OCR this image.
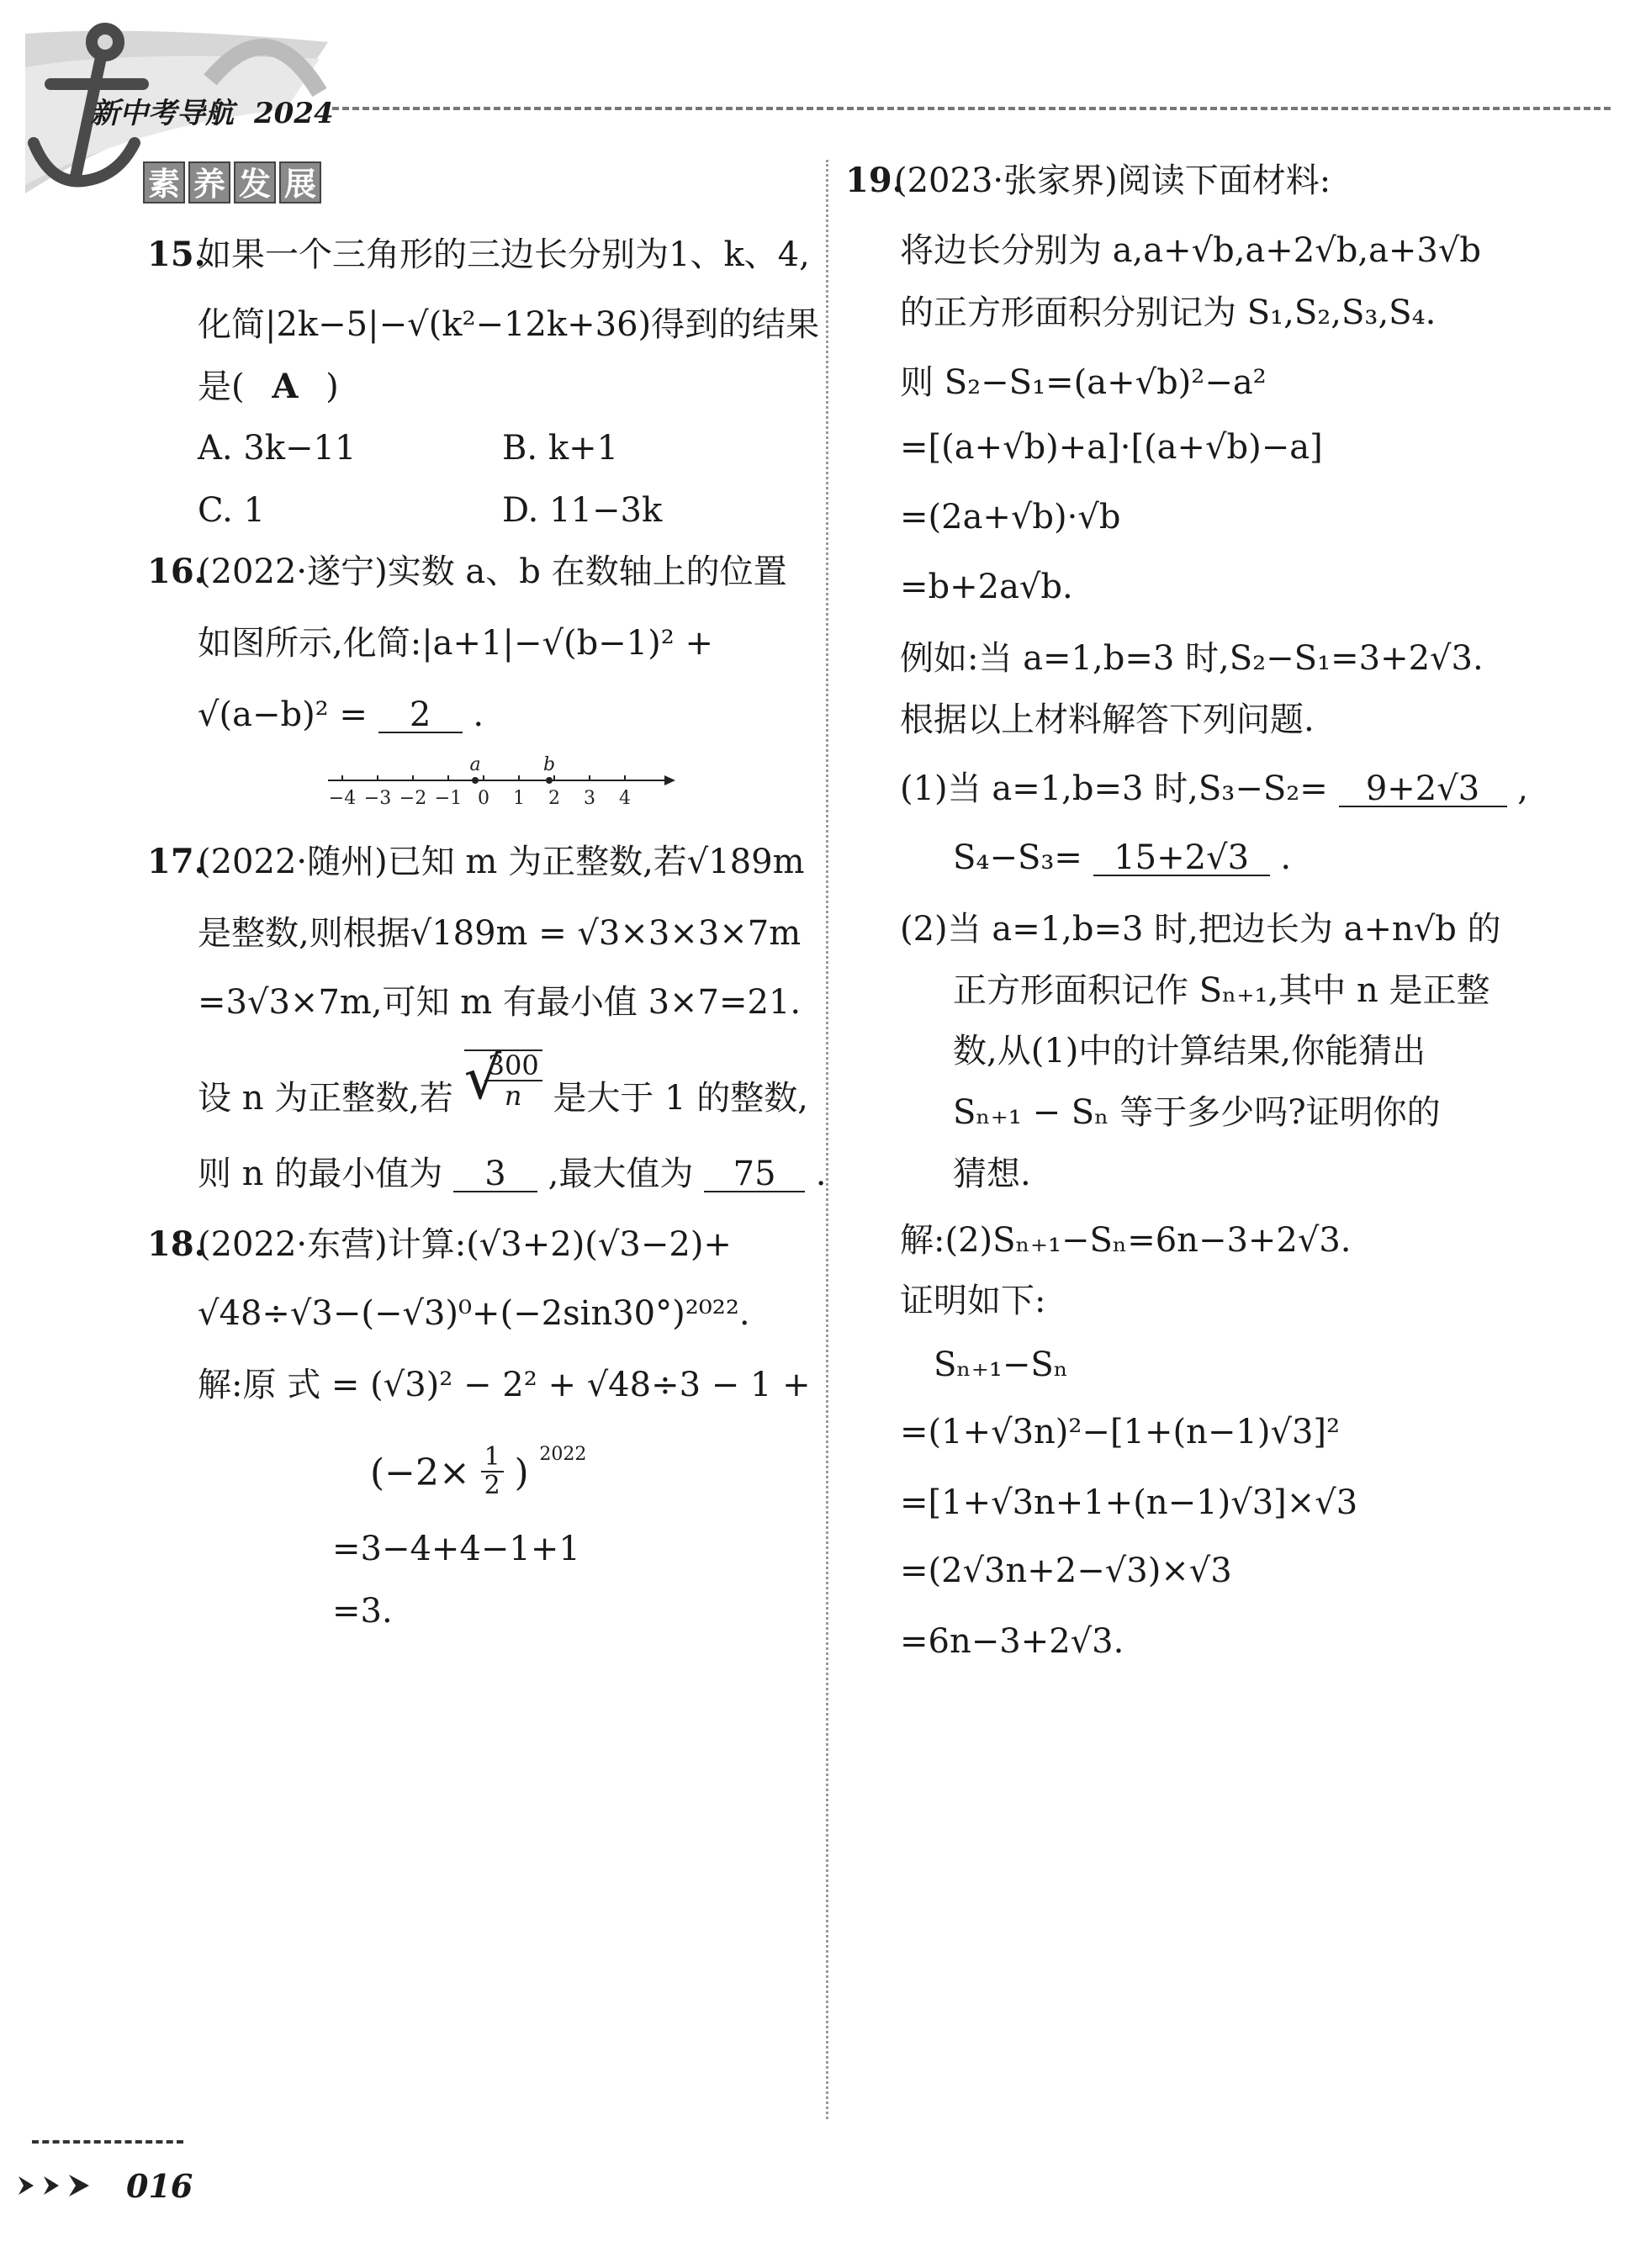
新中考导航 2024
素 养 发 展
15.
如果一个三角形的三边长分别为1、k、4,
化简|2k−5|−√(k²−12k+36)得到的结果
是( A )
A. 3k−11	B. k+1
C. 1	D. 11−3k
16.
(2022·遂宁)实数 a、b 在数轴上的位置
如图所示,化简:|a+1|−√(b−1)² +
√(a−b)² = 2 .
−4 −3 −2 −1 0 1 2 3 4
a	b
17.
(2022·随州)已知 m 为正整数,若√189m
是整数,则根据√189m = √3×3×3×7m
=3√3×7m,可知 m 有最小值 3×7=21.
设 n 为正整数,若 √
$\frac{300}{n}$ 是大于 1 的整数,
则 n 的最小值为 3 ,最大值为 75 .
18.
(2022·东营)计算:(√3+2)(√3−2)+
√48÷√3−(−√3)⁰+(−2sin30°)²⁰²².
解:原 式 = (√3)² − 2² + √48÷3 − 1 +
($-2\times \frac{1}{2}$ ) $^{2022}$
=3−4+4−1+1
=3.
19.
(2023·张家界)阅读下面材料:
将边长分别为 a,a+√b,a+2√b,a+3√b
的正方形面积分别记为 S₁,S₂,S₃,S₄.
则 S₂−S₁=(a+√b)²−a²
=[(a+√b)+a]·[(a+√b)−a]
=(2a+√b)·√b
=b+2a√b.
例如:当 a=1,b=3 时,S₂−S₁=3+2√3.
根据以上材料解答下列问题.
(1)当 a=1,b=3 时,S₃−S₂= 9+2√3 ,
S₄−S₃= 15+2√3 .
(2)当 a=1,b=3 时,把边长为 a+n√b 的
正方形面积记作 Sₙ₊₁,其中 n 是正整
数,从(1)中的计算结果,你能猜出
Sₙ₊₁ − Sₙ 等于多少吗?证明你的
猜想.
解:(2)Sₙ₊₁−Sₙ=6n−3+2√3.
证明如下:
Sₙ₊₁−Sₙ
=(1+√3n)²−[1+(n−1)√3]²
=[1+√3n+1+(n−1)√3]×√3
=(2√3n+2−√3)×√3
=6n−3+2√3.
016
